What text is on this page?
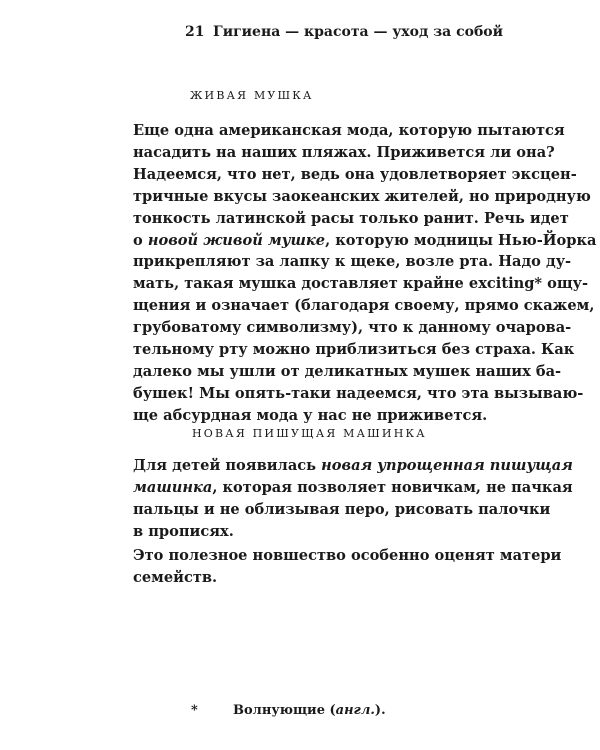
21 Гигиена — красота — уход за собой
ЖИВАЯ МУШКА
Еще одна американская мода, которую пытаются
насадить на наших пляжах. Приживется ли она?
Надеемся, что нет, ведь она удовлетворяет эксцен-
тричные вкусы заокеанских жителей, но природную
тонкость латинской расы только ранит. Речь идет
о новой живой мушке, которую модницы Нью-Йорка
прикрепляют за лапку к щеке, возле рта. Надо ду-
мать, такая мушка доставляет крайне exciting* ощу-
щения и означает (благодаря своему, прямо скажем,
грубоватому символизму), что к данному очарова-
тельному рту можно приблизиться без страха. Как
далеко мы ушли от деликатных мушек наших ба-
бушек! Мы опять-таки надеемся, что эта вызываю-
ще абсурдная мода у нас не приживется.
НОВАЯ ПИШУЩАЯ МАШИНКА
Для детей появилась новая упрощенная пишущая
машинка, которая позволяет новичкам, не пачкая
пальцы и не облизывая перо, рисовать палочки
в прописях.
Это полезное новшество особенно оценят матери
семейств.
*	Волнующие (англ.).
